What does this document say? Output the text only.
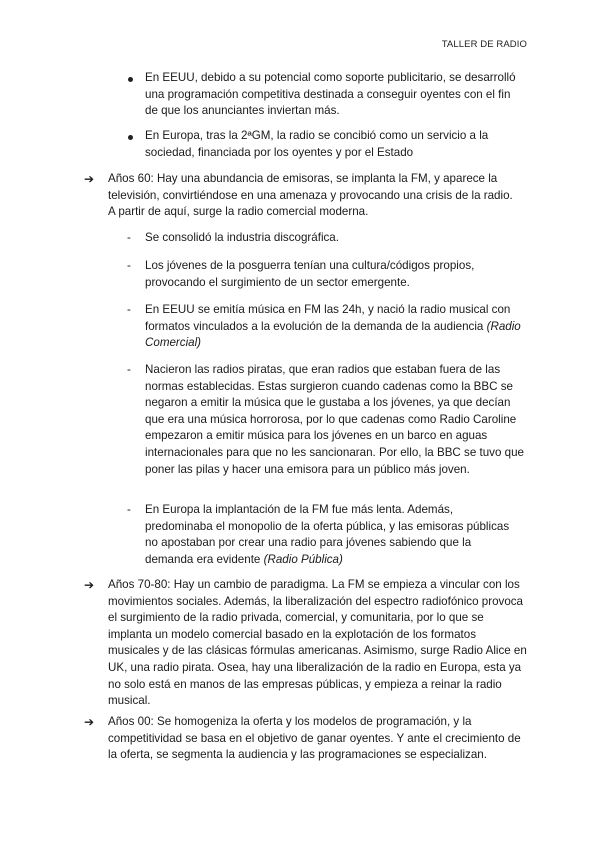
TALLER DE RADIO

En EEUU, debido a su potencial como soporte publicitario, se desarrolló una programación competitiva destinada a conseguir oyentes con el fin de que los anunciantes inviertan más.

En Europa, tras la 2ªGM, la radio se concibió como un servicio a la sociedad, financiada por los oyentes y por el Estado

➔ Años 60: Hay una abundancia de emisoras, se implanta la FM, y aparece la televisión, convirtiéndose en una amenaza y provocando una crisis de la radio. A partir de aquí, surge la radio comercial moderna.

- Se consolidó la industria discográfica.

- Los jóvenes de la posguerra tenían una cultura/códigos propios, provocando el surgimiento de un sector emergente.

- En EEUU se emitía música en FM las 24h, y nació la radio musical con formatos vinculados a la evolución de la demanda de la audiencia (Radio Comercial)

- Nacieron las radios piratas, que eran radios que estaban fuera de las normas establecidas. Estas surgieron cuando cadenas como la BBC se negaron a emitir la música que le gustaba a los jóvenes, ya que decían que era una música horrorosa, por lo que cadenas como Radio Caroline empezaron a emitir música para los jóvenes en un barco en aguas internacionales para que no les sancionaran. Por ello, la BBC se tuvo que poner las pilas y hacer una emisora para un público más joven.

- En Europa la implantación de la FM fue más lenta. Además, predominaba el monopolio de la oferta pública, y las emisoras públicas no apostaban por crear una radio para jóvenes sabiendo que la demanda era evidente (Radio Pública)

➔ Años 70-80: Hay un cambio de paradigma. La FM se empieza a vincular con los movimientos sociales. Además, la liberalización del espectro radiofónico provoca el surgimiento de la radio privada, comercial, y comunitaria, por lo que se implanta un modelo comercial basado en la explotación de los formatos musicales y de las clásicas fórmulas americanas. Asimismo, surge Radio Alice en UK, una radio pirata. Osea, hay una liberalización de la radio en Europa, esta ya no solo está en manos de las empresas públicas, y empieza a reinar la radio musical.

➔ Años 00: Se homogeniza la oferta y los modelos de programación, y la competitividad se basa en el objetivo de ganar oyentes. Y ante el crecimiento de la oferta, se segmenta la audiencia y las programaciones se especializan.
